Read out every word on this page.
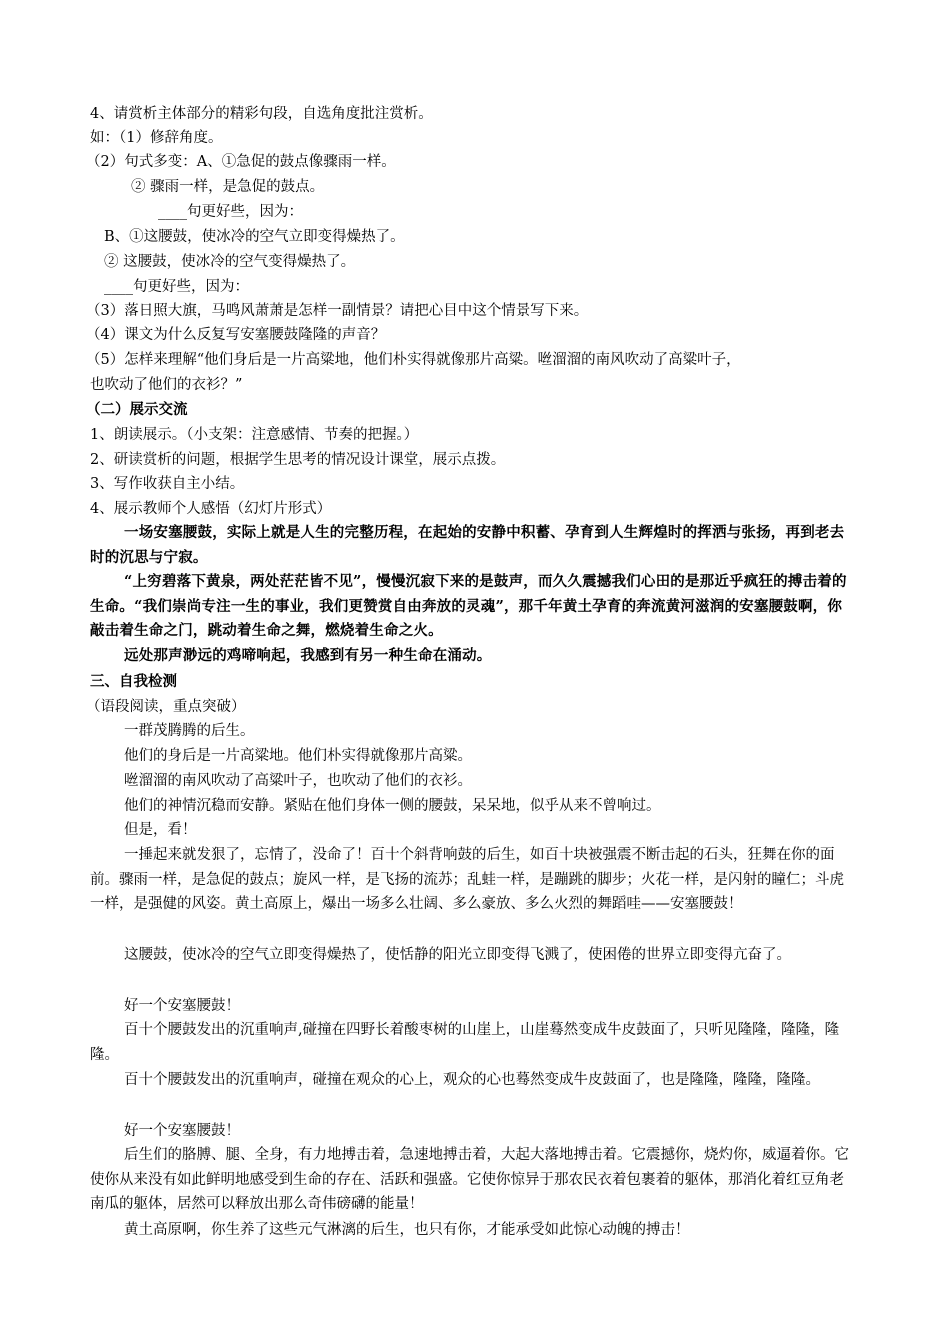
4、请赏析主体部分的精彩句段，自选角度批注赏析。
如：（1）修辞角度。
（2）句式多变：A、①急促的鼓点像骤雨一样。
② 骤雨一样，是急促的鼓点。
____句更好些，因为：
B、①这腰鼓，使冰冷的空气立即变得燥热了。
② 这腰鼓，使冰冷的空气变得燥热了。
____句更好些，因为：
（3）落日照大旗，马鸣风萧萧是怎样一副情景？请把心目中这个情景写下来。
（4）课文为什么反复写安塞腰鼓隆隆的声音？
（5）怎样来理解“他们身后是一片高粱地，他们朴实得就像那片高粱。咝溜溜的南风吹动了高粱叶子，
也吹动了他们的衣衫？”
（二）展示交流
1、朗读展示。（小支架：注意感情、节奏的把握。）
2、研读赏析的问题，根据学生思考的情况设计课堂，展示点拨。
3、写作收获自主小结。
4、展示教师个人感悟（幻灯片形式）
一场安塞腰鼓，实际上就是人生的完整历程，在起始的安静中积蓄、孕育到人生辉煌时的挥洒与张扬，再到老去时的沉思与宁寂。
“上穷碧落下黄泉，两处茫茫皆不见”，慢慢沉寂下来的是鼓声，而久久震撼我们心田的是那近乎疯狂的搏击着的生命。“我们崇尚专注一生的事业，我们更赞赏自由奔放的灵魂”，那千年黄土孕育的奔流黄河滋润的安塞腰鼓啊，你敲击着生命之门，跳动着生命之舞，燃烧着生命之火。
远处那声渺远的鸡啼响起，我感到有另一种生命在涌动。
三、自我检测
（语段阅读，重点突破）
一群茂腾腾的后生。
他们的身后是一片高粱地。他们朴实得就像那片高粱。
咝溜溜的南风吹动了高粱叶子，也吹动了他们的衣衫。
他们的神情沉稳而安静。紧贴在他们身体一侧的腰鼓，呆呆地，似乎从来不曾响过。
但是，看！
一捶起来就发狠了，忘情了，没命了！百十个斜背响鼓的后生，如百十块被强震不断击起的石头，狂舞在你的面前。骤雨一样，是急促的鼓点；旋风一样，是飞扬的流苏；乱蛙一样，是蹦跳的脚步；火花一样，是闪射的瞳仁；斗虎一样，是强健的风姿。黄土高原上，爆出一场多么壮阔、多么豪放、多么火烈的舞蹈哇——安塞腰鼓！
这腰鼓，使冰冷的空气立即变得燥热了，使恬静的阳光立即变得飞溅了，使困倦的世界立即变得亢奋了。
好一个安塞腰鼓！
百十个腰鼓发出的沉重响声,碰撞在四野长着酸枣树的山崖上，山崖蓦然变成牛皮鼓面了，只听见隆隆，隆隆，隆隆。
百十个腰鼓发出的沉重响声，碰撞在观众的心上，观众的心也蓦然变成牛皮鼓面了，也是隆隆，隆隆，隆隆。
好一个安塞腰鼓！
后生们的胳膊、腿、全身，有力地搏击着，急速地搏击着，大起大落地搏击着。它震撼你，烧灼你，威逼着你。它使你从来没有如此鲜明地感受到生命的存在、活跃和强盛。它使你惊异于那农民衣着包裹着的躯体，那消化着红豆角老南瓜的躯体，居然可以释放出那么奇伟磅礴的能量！
黄土高原啊，你生养了这些元气淋漓的后生，也只有你，才能承受如此惊心动魄的搏击！
